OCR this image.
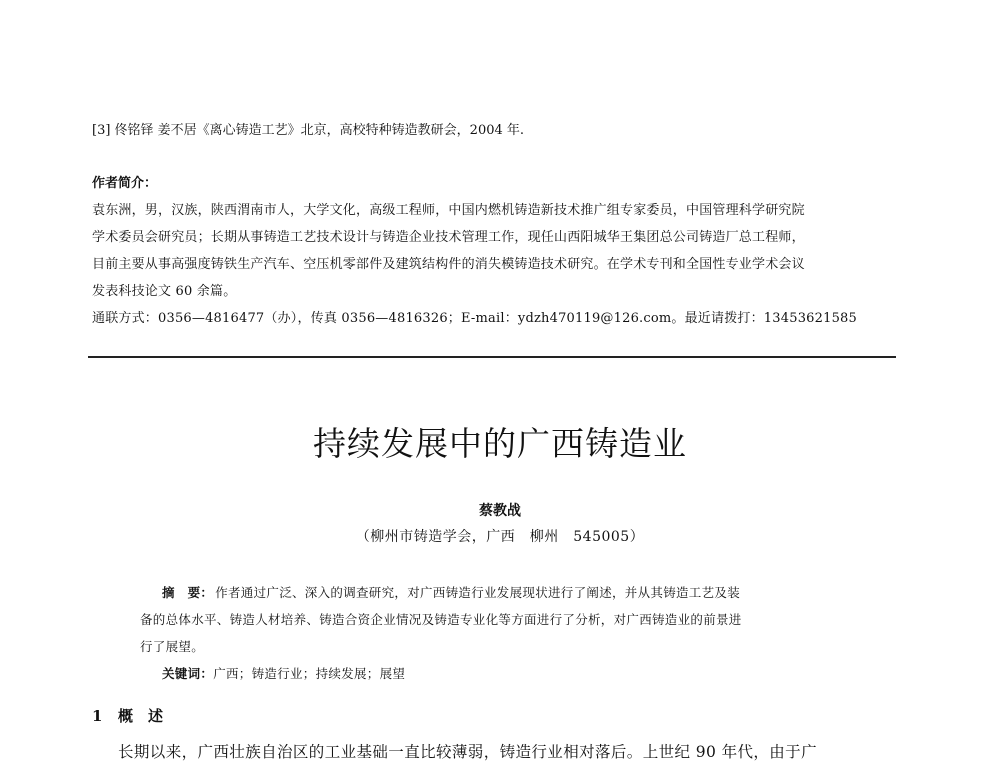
[3] 佟铭铎 姜不居《离心铸造工艺》北京，高校特种铸造教研会，2004 年.
作者简介：
袁东洲，男，汉族，陕西渭南市人，大学文化，高级工程师，中国内燃机铸造新技术推广组专家委员，中国管理科学研究院
学术委员会研究员；长期从事铸造工艺技术设计与铸造企业技术管理工作，现任山西阳城华王集团总公司铸造厂总工程师，
目前主要从事高强度铸铁生产汽车、空压机零部件及建筑结构件的消失模铸造技术研究。在学术专刊和全国性专业学术会议
发表科技论文 60 余篇。
通联方式：0356—4816477（办），传真 0356—4816326；E-mail：ydzh470119@126.com。最近请拨打：13453621585
持续发展中的广西铸造业
蔡教战
（柳州市铸造学会，广西　柳州　545005）
摘　要： 作者通过广泛、深入的调查研究，对广西铸造行业发展现状进行了阐述，并从其铸造工艺及装
备的总体水平、铸造人材培养、铸造合资企业情况及铸造专业化等方面进行了分析，对广西铸造业的前景进
行了展望。
关键词：广西；铸造行业；持续发展；展望
1 概　述
长期以来，广西壮族自治区的工业基础一直比较薄弱，铸造行业相对落后。上世纪 90 年代，由于广
